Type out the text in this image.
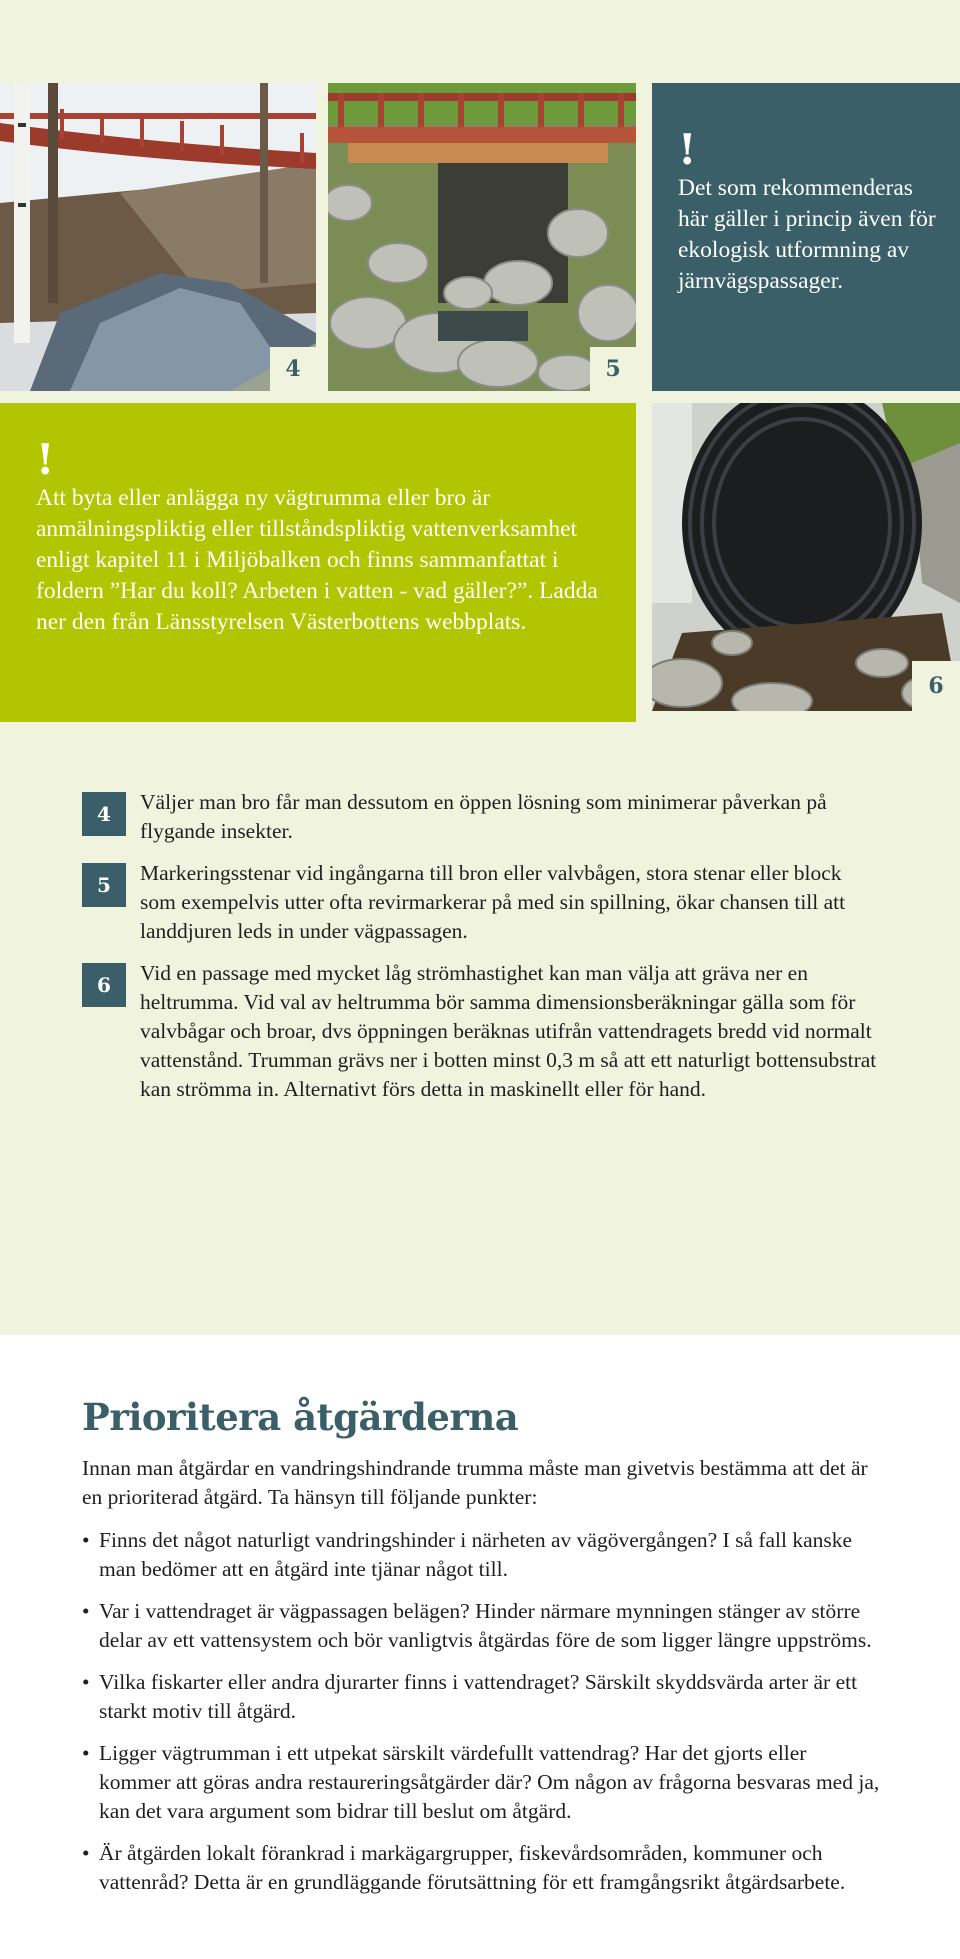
4	5
!

Det som rekommenderas här gäller i princip även för ekologisk utformning av järnvägspassager.

!

Att byta eller anlägga ny vägtrumma eller bro är anmälningspliktig eller tillståndspliktig vattenverksamhet enligt kapitel 11 i Miljöbalken och finns sammanfattat i foldern ”Har du koll? Arbeten i vatten - vad gäller?”. Ladda ner den från Länsstyrelsen Västerbottens webbplats.

6
4	Väljer man bro får man dessutom en öppen lösning som minimerar påverkan på flygande insekter.

5	Markeringsstenar vid ingångarna till bron eller valvbågen, stora stenar eller block som exempelvis utter ofta revirmarkerar på med sin spillning, ökar chansen till att landdjuren leds in under vägpassagen.

6	Vid en passage med mycket låg strömhastighet kan man välja att gräva ner en heltrumma. Vid val av heltrumma bör samma dimensionsberäkningar gälla som för valvbågar och broar, dvs öppningen beräknas utifrån vattendragets bredd vid normalt vattenstånd. Trumman grävs ner i botten minst 0,3 m så att ett naturligt bottensubstrat kan strömma in. Alternativt förs detta in maskinellt eller för hand.

Prioritera åtgärderna

Innan man åtgärdar en vandringshindrande trumma måste man givetvis bestämma att det är en prioriterad åtgärd. Ta hänsyn till följande punkter:

• Finns det något naturligt vandringshinder i närheten av vägövergången? I så fall kanske man bedömer att en åtgärd inte tjänar något till.
• Var i vattendraget är vägpassagen belägen? Hinder närmare mynningen stänger av större delar av ett vattensystem och bör vanligtvis åtgärdas före de som ligger längre uppströms.
• Vilka fiskarter eller andra djurarter finns i vattendraget? Särskilt skyddsvärda arter är ett starkt motiv till åtgärd.
• Ligger vägtrumman i ett utpekat särskilt värdefullt vattendrag? Har det gjorts eller kommer att göras andra restaureringsåtgärder där? Om någon av frågorna besvaras med ja, kan det vara argument som bidrar till beslut om åtgärd.
• Är åtgärden lokalt förankrad i markägargrupper, fiskevårdsområden, kommuner och vattenråd? Detta är en grundläggande förutsättning för ett framgångsrikt åtgärdsarbete.
